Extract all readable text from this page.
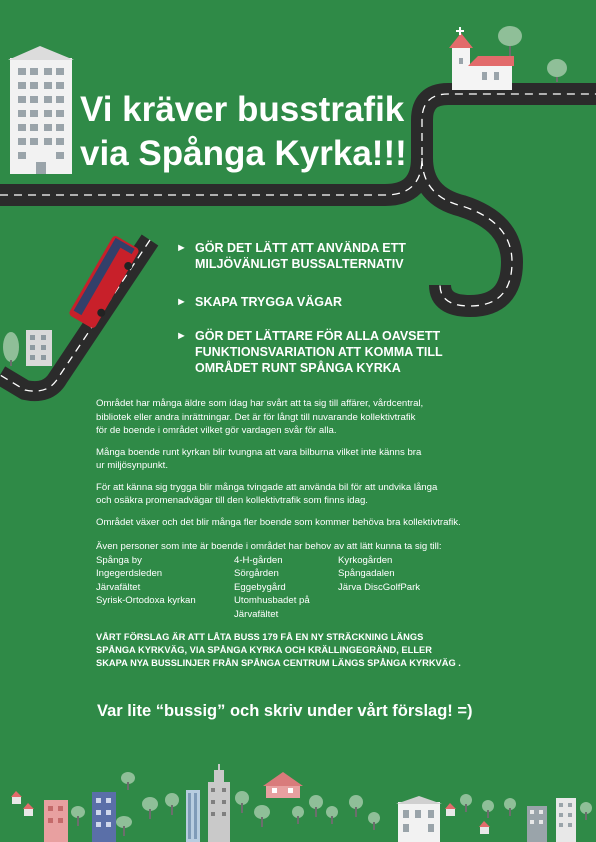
Vi kräver busstrafik
via Spånga Kyrka!!!
► GÖR DET LÄTT ATT ANVÄNDA ETT
MILJÖVÄNLIGT BUSSALTERNATIV
► SKAPA TRYGGA VÄGAR
► GÖR DET LÄTTARE FÖR ALLA OAVSETT
FUNKTIONSVARIATION ATT KOMMA TILL
OMRÅDET RUNT SPÅNGA KYRKA

Området har många äldre som idag har svårt att ta sig till affärer, vårdcentral,
bibliotek eller andra inrättningar. Det är för långt till nuvarande kollektivtrafik
för de boende i området vilket gör vardagen svår för alla.

Många boende runt kyrkan blir tvungna att vara bilburna vilket inte känns bra
ur miljösynpunkt.

För att känna sig trygga blir många tvingade att använda bil för att undvika långa
och osäkra promenadvägar till den kollektivtrafik som finns idag.

Området växer och det blir många fler boende som kommer behöva bra kollektivtrafik.

Även personer som inte är boende i området har behov av att lätt kunna ta sig till:
Spånga by	4-H-gården	Kyrkogården
Ingegerdsleden	Sörgården	Spångadalen
Järvafältet	Eggebygård	Järva DiscGolfPark
Syrisk-Ortodoxa kyrkan	Utomhusbadet på Järvafältet
VÅRT FÖRSLAG ÄR ATT LÅTA BUSS 179 FÅ EN NY STRÄCKNING LÄNGS
SPÅNGA KYRKVÄG, VIA SPÅNGA KYRKA OCH KRÄLLINGEGRÄND, ELLER
SKAPA NYA BUSSLINJER FRÅN SPÅNGA CENTRUM LÄNGS SPÅNGA KYRKVÄG .
Var lite “bussig” och skriv under vårt förslag! =)
